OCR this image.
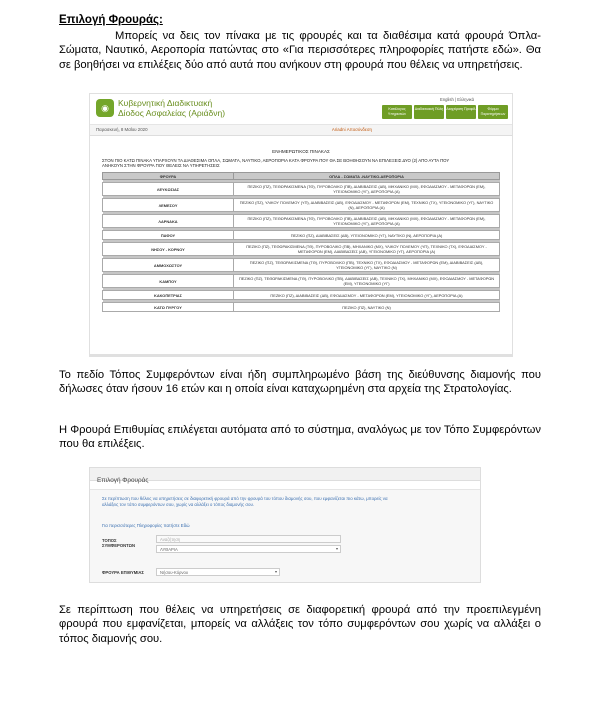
Επιλογή Φρουράς:

Μπορείς να δεις τον πίνακα με τις φρουρές και τα διαθέσιμα κατά φρουρά Όπλα-Σώματα, Ναυτικό, Αεροπορία πατώντας στο «Για περισσότερες πληροφορίες πατήστε εδώ». Θα σε βοηθήσει να επιλέξεις δύο από αυτά που ανήκουν στη φρουρά που θέλεις να υπηρετήσεις.

Το πεδίο Τόπος Συμφερόντων είναι ήδη συμπληρωμένο βάση της διεύθυνσης διαμονής που δήλωσες όταν ήσουν 16 ετών και η οποία είναι καταχωρημένη στα αρχεία της Στρατολογίας.

Η Φρουρά Επιθυμίας επιλέγεται αυτόματα από το σύστημα, αναλόγως με τον Τόπο Συμφερόντων που θα επιλέξεις.

Σε περίπτωση που θέλεις να υπηρετήσεις σε διαφορετική φρουρά από την προεπιλεγμένη φρουρά που εμφανίζεται, μπορείς να αλλάξεις τον τόπο συμφερόντων σου χωρίς να αλλάξει ο τόπος διαμονής σου.

◉	Κυβερνητική Διαδικτυακή
Δίοδος Ασφαλείας (Αριάδνη)
English | Ελληνικά
Κατάλογος Υπηρεσιών
Διαδικτυακή Πύλη Διαχείριση Προφίλ	Φόρμα Παρατηρήσεων
Παρασκευή, 8 Μαΐου 2020	Ariadni Αποσύνδεση
ΕΝΗΜΕΡΩΤΙΚΟΣ ΠΙΝΑΚΑΣ
ΣΤΟΝ ΠΙΟ ΚΑΤΩ ΠΙΝΑΚΑ ΥΠΑΡΧΟΥΝ ΤΑ ΔΙΑΘΕΣΙΜΑ ΟΠΛΑ, ΣΩΜΑΤΑ, ΝΑΥΤΙΚΟ, ΑΕΡΟΠΟΡΙΑ ΚΑΤΑ ΦΡΟΥΡΑ ΠΟΥ ΘΑ ΣΕ ΒΟΗΘΗΣΟΥΝ ΝΑ ΕΠΙΛΕΞΕΙΣ ΔΥΟ (2) ΑΠΟ ΑΥΤΑ ΠΟΥ ΑΝΗΚΟΥΝ ΣΤΗΝ ΦΡΟΥΡΑ ΠΟΥ ΘΕΛΕΙΣ ΝΑ ΥΠΗΡΕΤΗΣΕΙΣ
ΦΡΟΥΡΑ	ΟΠΛΑ - ΣΩΜΑΤΑ -ΝΑΥΤΙΚΟ-ΑΕΡΟΠΟΡΙΑ

ΛΕΥΚΩΣΙΑΣ	ΠΕΖΙΚΟ (ΠΖ), ΤΕΘΩΡΑΚΙΣΜΕΝΑ (ΤΘ), ΠΥΡΟΒΟΛΙΚΟ (ΠΒ), ΔΙΑΒΙΒΑΣΕΙΣ (ΔΒ), ΜΗΧΑΝΙΚΟ (ΜΧ), ΕΦΟΔΙΑΣΜΟΥ - ΜΕΤΑΦΟΡΩΝ (ΕΜ), ΥΓΕΙΟΝΟΜΙΚΟ (ΥΓ), ΑΕΡΟΠΟΡΙΑ (Α)

ΛΕΜΕΣΟΥ	ΠΕΖΙΚΟ (ΠΖ), ΥΛΙΚΟΥ ΠΟΛΕΜΟΥ (ΥΠ), ΔΙΑΒΙΒΑΣΕΙΣ (ΔΒ), ΕΦΟΔΙΑΣΜΟΥ - ΜΕΤΑΦΟΡΩΝ (ΕΜ), ΤΕΧΝΙΚΟ (ΤΧ), ΥΓΕΙΟΝΟΜΙΚΟ (ΥΓ), ΝΑΥΤΙΚΟ (Ν), ΑΕΡΟΠΟΡΙΑ (Α)

ΛΑΡΝΑΚΑ	ΠΕΖΙΚΟ (ΠΖ), ΤΕΘΩΡΑΚΙΣΜΕΝΑ (ΤΘ), ΠΥΡΟΒΟΛΙΚΟ (ΠΒ), ΔΙΑΒΙΒΑΣΕΙΣ (ΔΒ), ΜΗΧΑΝΙΚΟ (ΜΧ), ΕΦΟΔΙΑΣΜΟΥ - ΜΕΤΑΦΟΡΩΝ (ΕΜ), ΥΓΕΙΟΝΟΜΙΚΟ (ΥΓ), ΑΕΡΟΠΟΡΙΑ (Α)

ΠΑΦΟΥ	ΠΕΖΙΚΟ (ΠΖ), ΔΙΑΒΙΒΑΣΕΙΣ (ΔΒ), ΥΓΕΙΟΝΟΜΙΚΟ (ΥΓ), ΝΑΥΤΙΚΟ (Ν), ΑΕΡΟΠΟΡΙΑ (Α)

ΝΗΣΟΥ - ΚΟΡΝΟΥ	ΠΕΖΙΚΟ (ΠΖ), ΤΕΘΩΡΑΚΙΣΜΕΝΑ (ΤΘ), ΠΥΡΟΒΟΛΙΚΟ (ΠΒ), ΜΗΧΑΝΙΚΟ (ΜΧ), ΥΛΙΚΟΥ ΠΟΛΕΜΟΥ (ΥΠ), ΤΕΧΝΙΚΟ (ΤΧ), ΕΦΟΔΙΑΣΜΟΥ - ΜΕΤΑΦΟΡΩΝ (ΕΜ), ΔΙΑΒΙΒΑΣΕΙΣ (ΔΒ), ΥΓΕΙΟΝΟΜΙΚΟ (ΥΓ), ΑΕΡΟΠΟΡΙΑ (Α)

ΑΜΜΟΧΩΣΤΟΥ	ΠΕΖΙΚΟ (ΠΖ), ΤΕΘΩΡΑΚΙΣΜΕΝΑ (ΤΘ), ΠΥΡΟΒΟΛΙΚΟ (ΠΒ), ΤΕΧΝΙΚΟ (ΤΧ), ΕΦΟΔΙΑΣΜΟΥ - ΜΕΤΑΦΟΡΩΝ (ΕΜ), ΔΙΑΒΙΒΑΣΕΙΣ (ΔΒ), ΥΓΕΙΟΝΟΜΙΚΟ (ΥΓ), ΝΑΥΤΙΚΟ (Ν)

ΚΑΜΠΟΥ	ΠΕΖΙΚΟ (ΠΖ), ΤΕΘΩΡΑΚΙΣΜΕΝΑ (ΤΘ), ΠΥΡΟΒΟΛΙΚΟ (ΠΒ), ΔΙΑΒΙΒΑΣΕΙΣ (ΔΒ), ΤΕΧΝΙΚΟ (ΤΧ), ΜΗΧΑΝΙΚΟ (ΜΧ), ΕΦΟΔΙΑΣΜΟΥ - ΜΕΤΑΦΟΡΩΝ (ΕΜ), ΥΓΕΙΟΝΟΜΙΚΟ (ΥΓ)

ΚΑΚΟΠΕΤΡΙΑΣ	ΠΕΖΙΚΟ (ΠΖ), ΔΙΑΒΙΒΑΣΕΙΣ (ΔΒ), ΕΦΟΔΙΑΣΜΟΥ - ΜΕΤΑΦΟΡΩΝ (ΕΜ), ΥΓΕΙΟΝΟΜΙΚΟ (ΥΓ), ΑΕΡΟΠΟΡΙΑ (Α)

ΚΑΤΩ ΠΥΡΓΟΥ	ΠΕΖΙΚΟ (ΠΖ), ΝΑΥΤΙΚΟ (Ν)
Επιλογή Φρουράς
Σε περίπτωση που θέλεις να υπηρετήσεις σε διαφορετική φρουρά από την φρουρά του τόπου διαμονής σου, που εμφανίζεται πιο κάτω, μπορείς να αλλάξεις τον τόπο συμφερόντων σου, χωρίς να αλλάξει ο τόπος διαμονής σου.
Για περισσότερες Πληροφορίες πατήστε Εδώ
ΤΟΠΟΣ
ΣΥΜΦΕΡΟΝΤΩΝ
Αναζήτηση
ΛΥΘΑΡΙΑ	▾
ΦΡΟΥΡΑ ΕΠΙΘΥΜΙΑΣ	Νήσου-Κόρνου	▾
